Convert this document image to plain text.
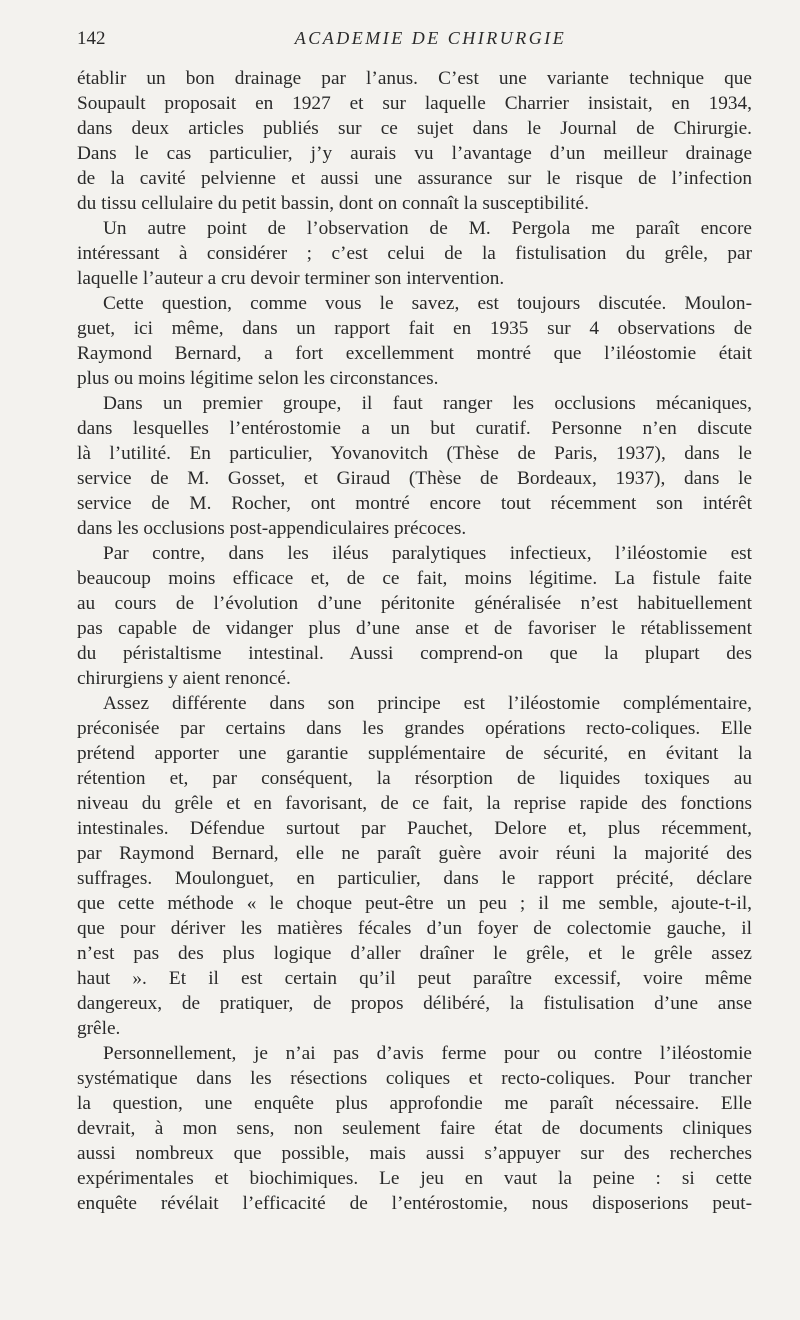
142	ACADEMIE DE CHIRURGIE
établir un bon drainage par l’anus. C’est une variante technique que
Soupault proposait en 1927 et sur laquelle Charrier insistait, en 1934,
dans deux articles publiés sur ce sujet dans le Journal de Chirurgie.
Dans le cas particulier, j’y aurais vu l’avantage d’un meilleur drainage
de la cavité pelvienne et aussi une assurance sur le risque de l’infection
du tissu cellulaire du petit bassin, dont on connaît la susceptibilité.
Un autre point de l’observation de M. Pergola me paraît encore
intéressant à considérer ; c’est celui de la fistulisation du grêle, par
laquelle l’auteur a cru devoir terminer son intervention.
Cette question, comme vous le savez, est toujours discutée. Moulon-
guet, ici même, dans un rapport fait en 1935 sur 4 observations de
Raymond Bernard, a fort excellemment montré que l’iléostomie était
plus ou moins légitime selon les circonstances.
Dans un premier groupe, il faut ranger les occlusions mécaniques,
dans lesquelles l’entérostomie a un but curatif. Personne n’en discute
là l’utilité. En particulier, Yovanovitch (Thèse de Paris, 1937), dans le
service de M. Gosset, et Giraud (Thèse de Bordeaux, 1937), dans le
service de M. Rocher, ont montré encore tout récemment son intérêt
dans les occlusions post-appendiculaires précoces.
Par contre, dans les iléus paralytiques infectieux, l’iléostomie est
beaucoup moins efficace et, de ce fait, moins légitime. La fistule faite
au cours de l’évolution d’une péritonite généralisée n’est habituellement
pas capable de vidanger plus d’une anse et de favoriser le rétablissement
du péristaltisme intestinal. Aussi comprend-on que la plupart des
chirurgiens y aient renoncé.
Assez différente dans son principe est l’iléostomie complémentaire,
préconisée par certains dans les grandes opérations recto-coliques. Elle
prétend apporter une garantie supplémentaire de sécurité, en évitant la
rétention et, par conséquent, la résorption de liquides toxiques au
niveau du grêle et en favorisant, de ce fait, la reprise rapide des fonctions
intestinales. Défendue surtout par Pauchet, Delore et, plus récemment,
par Raymond Bernard, elle ne paraît guère avoir réuni la majorité des
suffrages. Moulonguet, en particulier, dans le rapport précité, déclare
que cette méthode « le choque peut-être un peu ; il me semble, ajoute-t-il,
que pour dériver les matières fécales d’un foyer de colectomie gauche, il
n’est pas des plus logique d’aller draîner le grêle, et le grêle assez
haut ». Et il est certain qu’il peut paraître excessif, voire même
dangereux, de pratiquer, de propos délibéré, la fistulisation d’une anse
grêle.
Personnellement, je n’ai pas d’avis ferme pour ou contre l’iléostomie
systématique dans les résections coliques et recto-coliques. Pour trancher
la question, une enquête plus approfondie me paraît nécessaire. Elle
devrait, à mon sens, non seulement faire état de documents cliniques
aussi nombreux que possible, mais aussi s’appuyer sur des recherches
expérimentales et biochimiques. Le jeu en vaut la peine : si cette
enquête révélait l’efficacité de l’entérostomie, nous disposerions peut-
